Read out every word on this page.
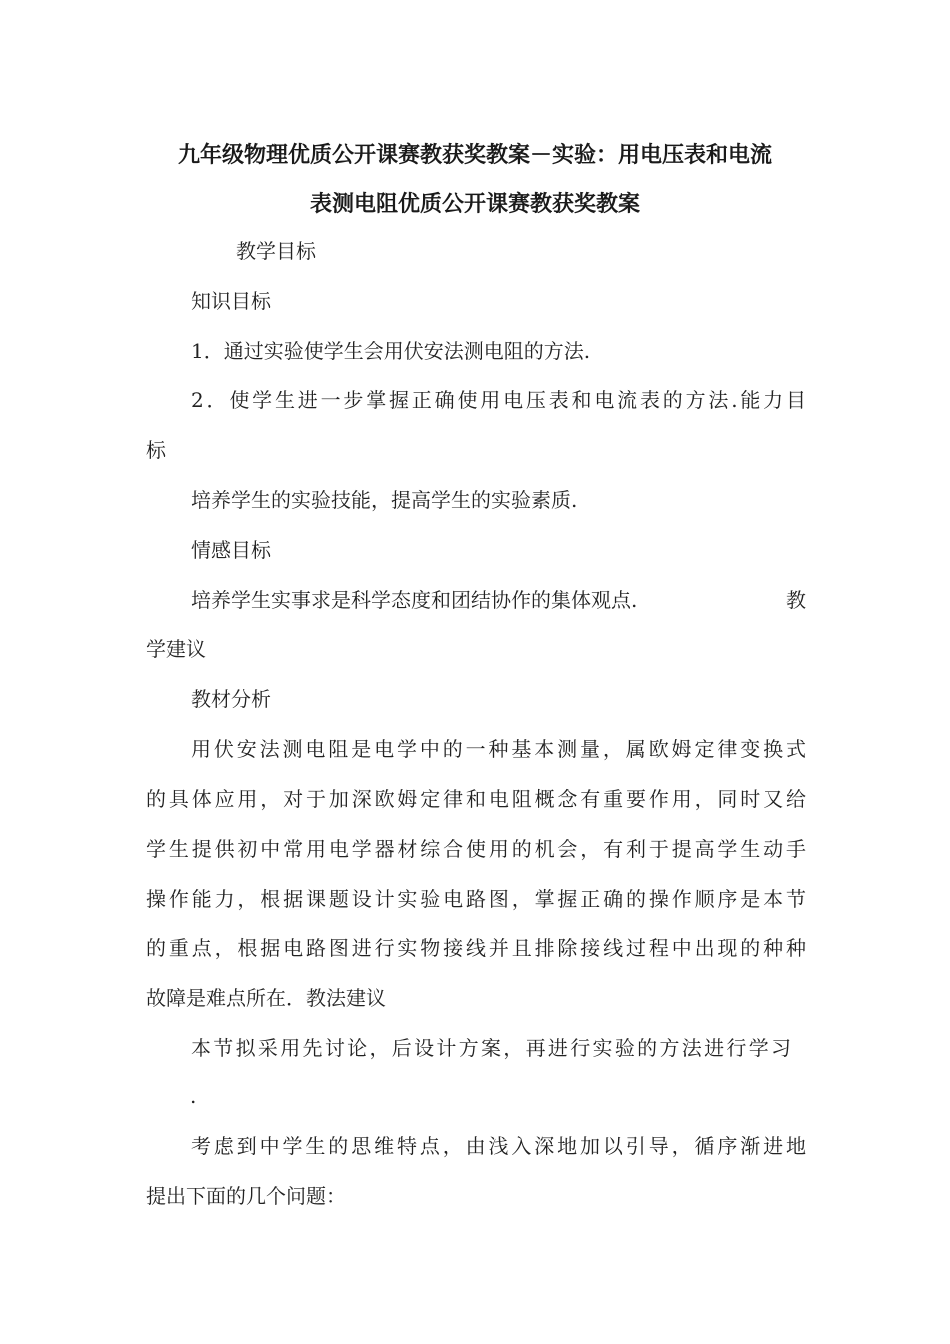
九年级物理优质公开课赛教获奖教案－实验：用电压表和电流
表测电阻优质公开课赛教获奖教案
教学目标
知识目标
1．通过实验使学生会用伏安法测电阻的方法.
2．使学生进一步掌握正确使用电压表和电流表的方法.能力目
标
培养学生的实验技能，提高学生的实验素质.
情感目标
培养学生实事求是科学态度和团结协作的集体观点.	教
学建议
教材分析
用伏安法测电阻是电学中的一种基本测量，属欧姆定律变换式
的具体应用，对于加深欧姆定律和电阻概念有重要作用，同时又给
学生提供初中常用电学器材综合使用的机会，有利于提高学生动手
操作能力，根据课题设计实验电路图，掌握正确的操作顺序是本节
的重点，根据电路图进行实物接线并且排除接线过程中出现的种种
故障是难点所在．教法建议
本节拟采用先讨论，后设计方案，再进行实验的方法进行学习
.
考虑到中学生的思维特点，由浅入深地加以引导，循序渐进地
提出下面的几个问题：
